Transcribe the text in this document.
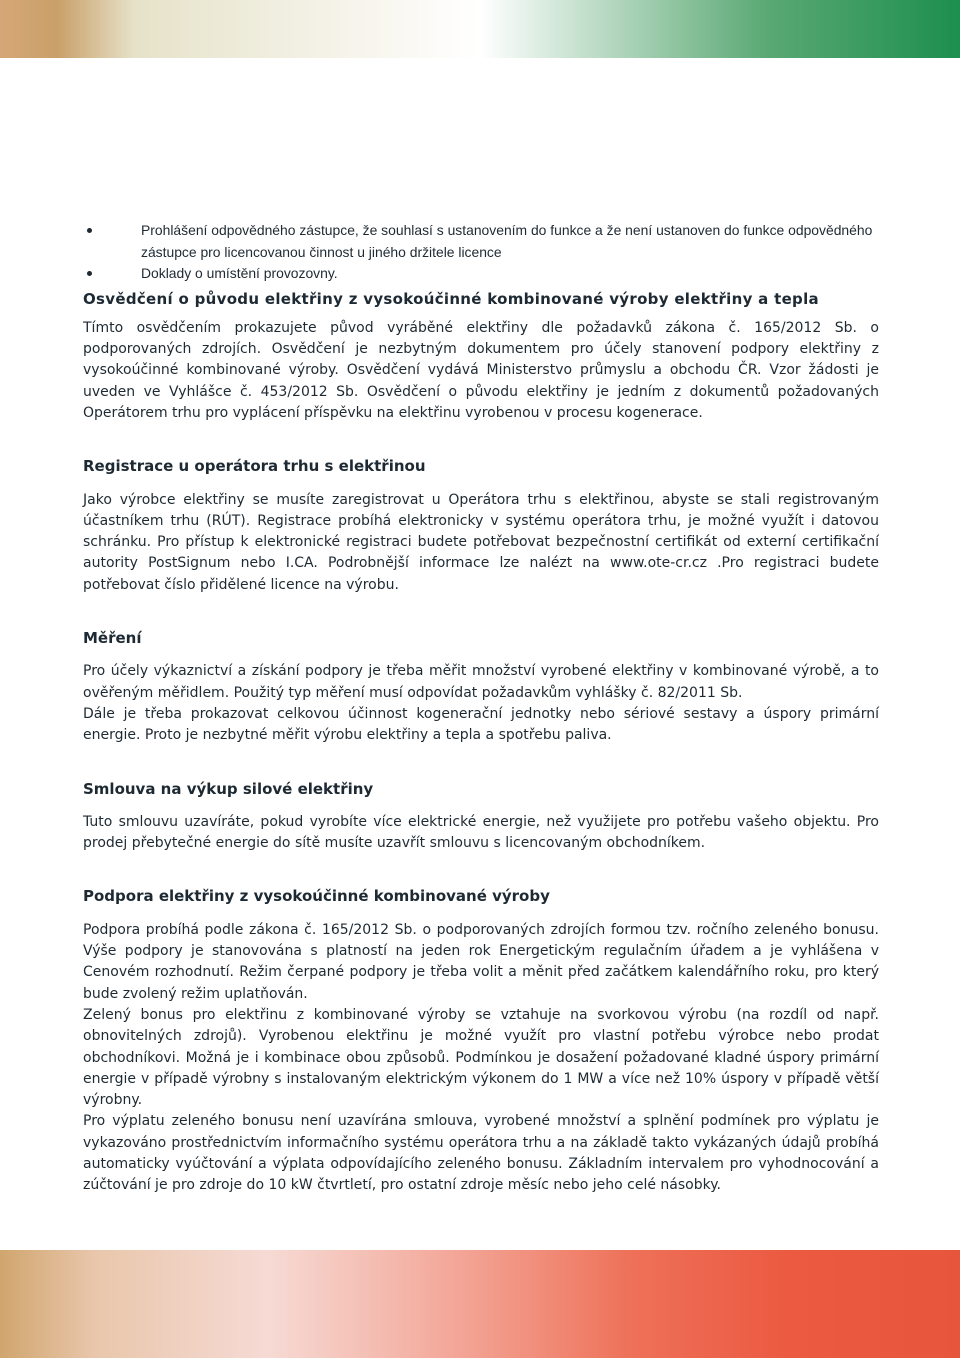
Prohlášení odpovědného zástupce, že souhlasí s ustanovením do funkce a že není ustanoven do funkce odpovědného zástupce pro licencovanou činnost u jiného držitele licence
Doklady o umístění provozovny.
Osvědčení o původu elektřiny z vysokoúčinné kombinované výroby elektřiny a tepla

Tímto osvědčením prokazujete původ vyráběné elektřiny dle požadavků zákona č. 165/2012 Sb. o podporovaných zdrojích. Osvědčení je nezbytným dokumentem pro účely stanovení podpory elektřiny z vysokoúčinné kombinované výroby. Osvědčení vydává Ministerstvo průmyslu a obchodu ČR. Vzor žádosti je uveden ve Vyhlášce č. 453/2012 Sb. Osvědčení o původu elektřiny je jedním z dokumentů požadovaných Operátorem trhu pro vyplácení příspěvku na elektřinu vyrobenou v procesu kogenerace.

Registrace u operátora trhu s elektřinou

Jako výrobce elektřiny se musíte zaregistrovat u Operátora trhu s elektřinou, abyste se stali registrovaným účastníkem trhu (RÚT). Registrace probíhá elektronicky v systému operátora trhu, je možné využít i datovou schránku. Pro přístup k elektronické registraci budete potřebovat bezpečnostní certifikát od externí certifikační autority PostSignum nebo I.CA. Podrobnější informace lze nalézt na www.ote-cr.cz .Pro registraci budete potřebovat číslo přidělené licence na výrobu.

Měření

Pro účely výkaznictví a získání podpory je třeba měřit množství vyrobené elektřiny v kombinované výrobě, a to ověřeným měřidlem. Použitý typ měření musí odpovídat požadavkům vyhlášky č. 82/2011 Sb.

Dále je třeba prokazovat celkovou účinnost kogenerační jednotky nebo sériové sestavy a úspory primární energie. Proto je nezbytné měřit výrobu elektřiny a tepla a spotřebu paliva.

Smlouva na výkup silové elektřiny

Tuto smlouvu uzavíráte, pokud vyrobíte více elektrické energie, než využijete pro potřebu vašeho objektu. Pro prodej přebytečné energie do sítě musíte uzavřít smlouvu s licencovaným obchodníkem.

Podpora elektřiny z vysokoúčinné kombinované výroby

Podpora probíhá podle zákona č. 165/2012 Sb. o podporovaných zdrojích formou tzv. ročního zeleného bonusu. Výše podpory je stanovována s platností na jeden rok Energetickým regulačním úřadem a je vyhlášena v Cenovém rozhodnutí. Režim čerpané podpory je třeba volit a měnit před začátkem kalendářního roku, pro který bude zvolený režim uplatňován.

Zelený bonus pro elektřinu z kombinované výroby se vztahuje na svorkovou výrobu (na rozdíl od např. obnovitelných zdrojů). Vyrobenou elektřinu je možné využít pro vlastní potřebu výrobce nebo prodat obchodníkovi. Možná je i kombinace obou způsobů. Podmínkou je dosažení požadované kladné úspory primární energie v případě výrobny s instalovaným elektrickým výkonem do 1 MW a více než 10% úspory v případě větší výrobny.

Pro výplatu zeleného bonusu není uzavírána smlouva, vyrobené množství a splnění podmínek pro výplatu je vykazováno prostřednictvím informačního systému operátora trhu a na základě takto vykázaných údajů probíhá automaticky vyúčtování a výplata odpovídajícího zeleného bonusu. Základním intervalem pro vyhodnocování a zúčtování je pro zdroje do 10 kW čtvrtletí, pro ostatní zdroje měsíc nebo jeho celé násobky.
